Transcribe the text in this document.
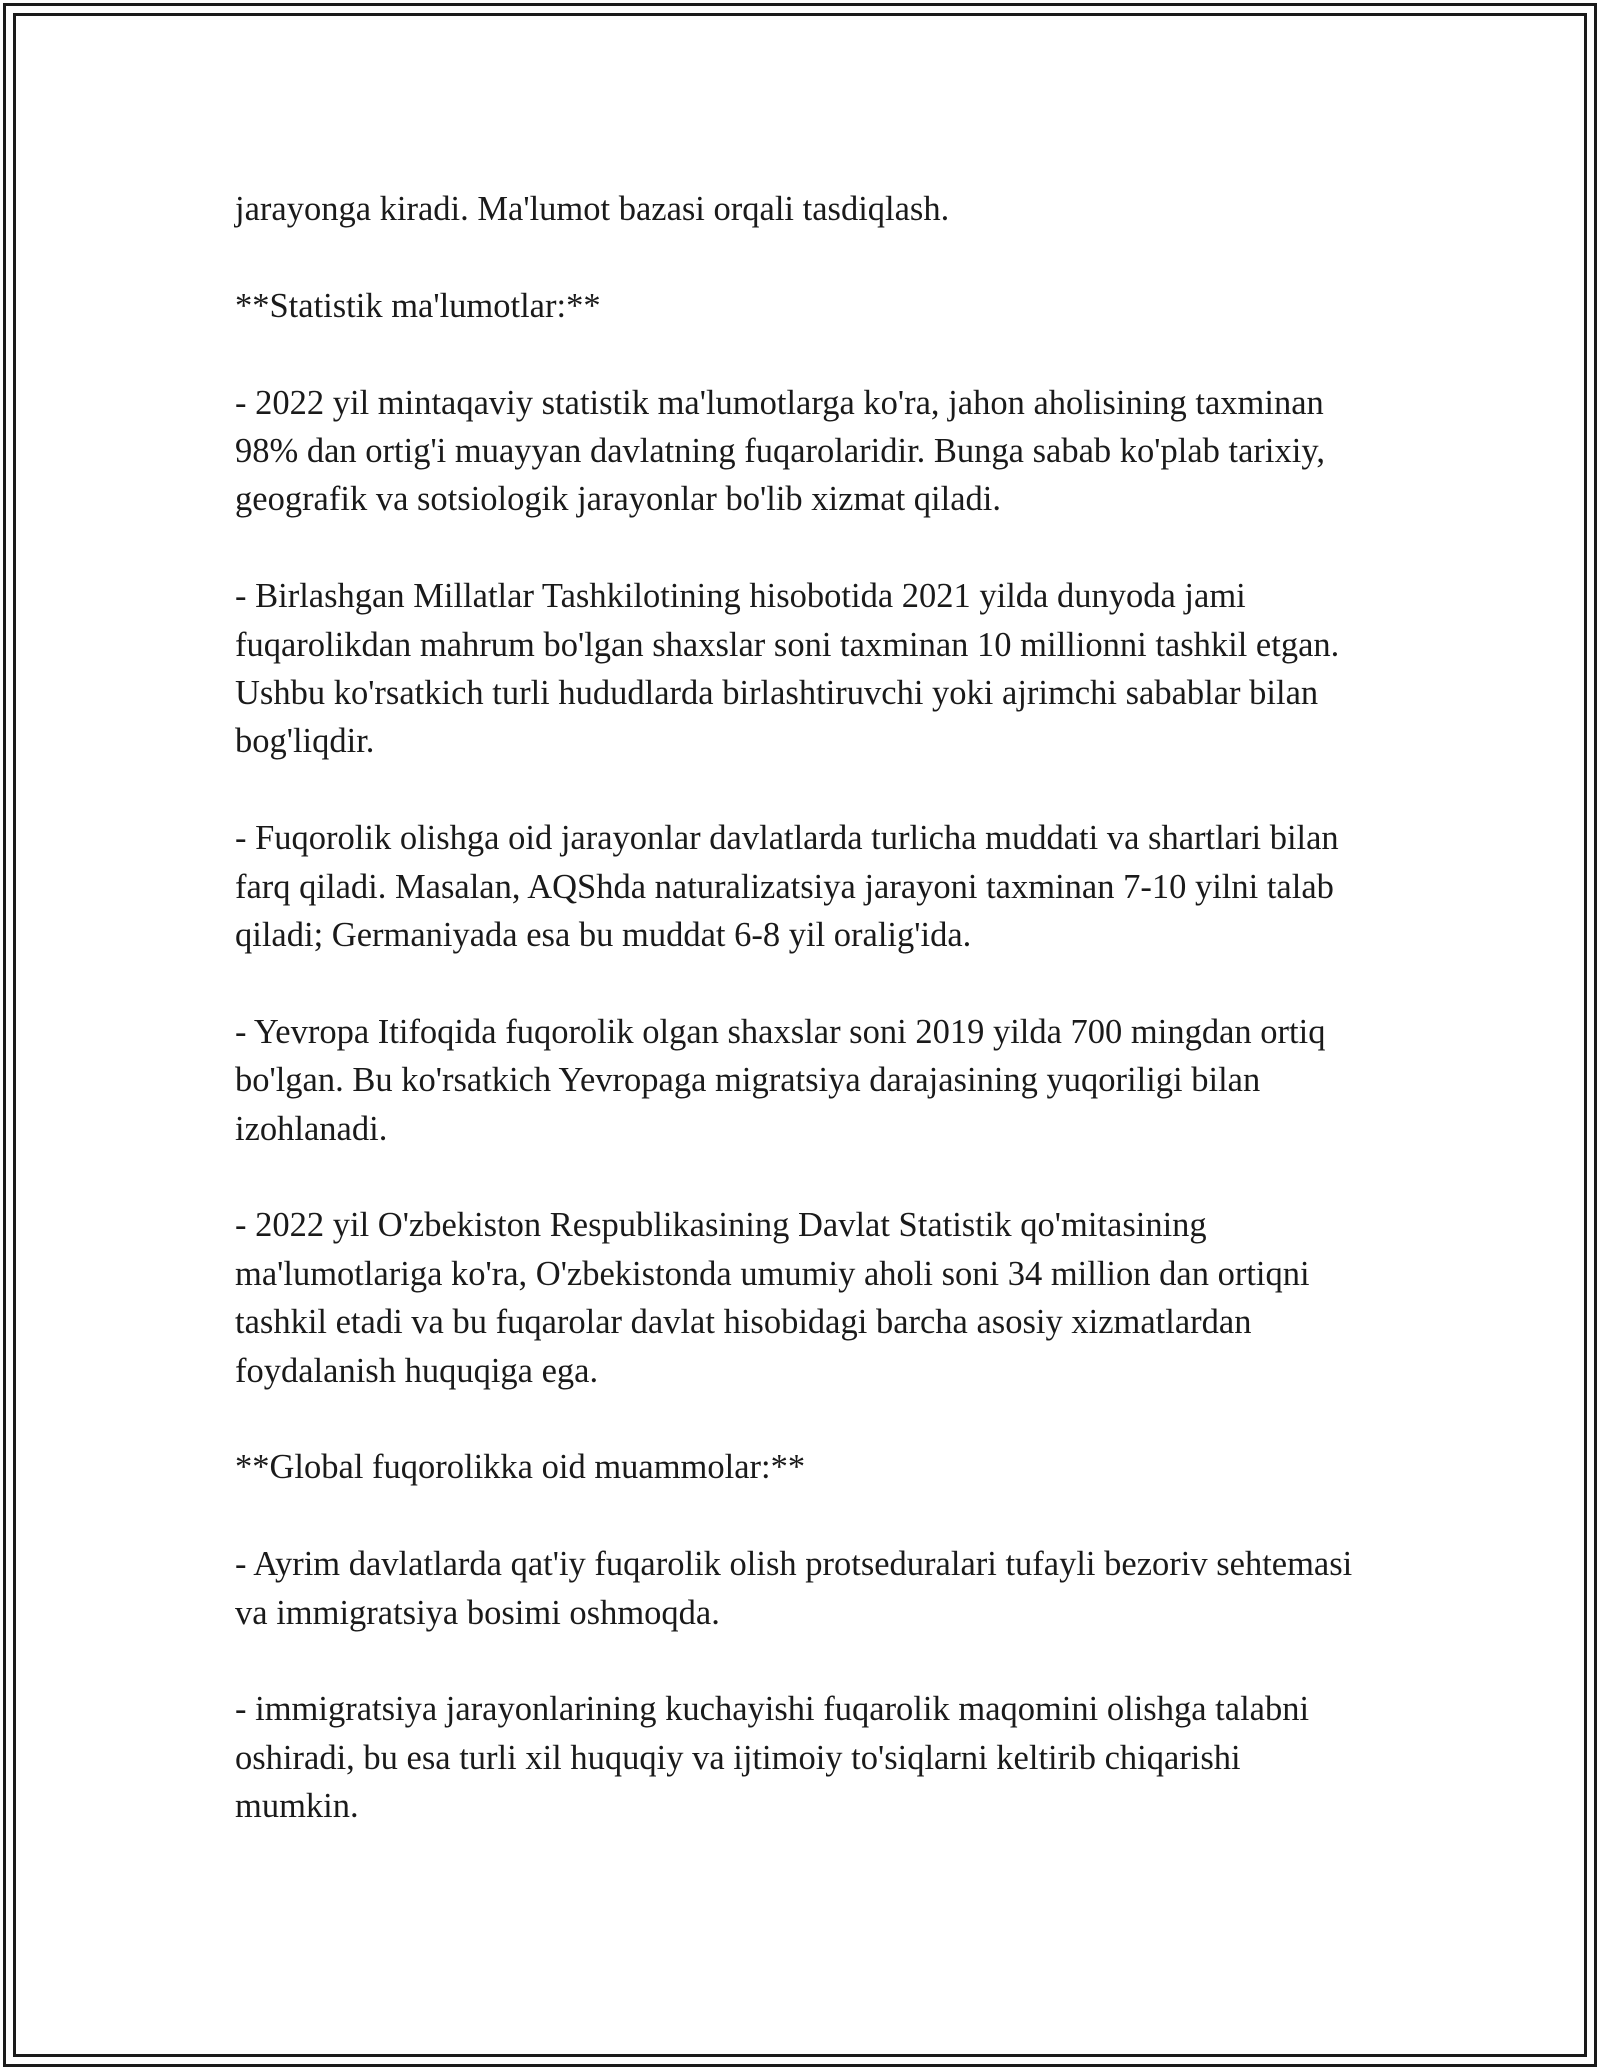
jarayonga kiradi. Ma'lumot bazasi orqali tasdiqlash.

**Statistik ma'lumotlar:**

- 2022 yil mintaqaviy statistik ma'lumotlarga ko'ra, jahon aholisining taxminan 98% dan ortig'i muayyan davlatning fuqarolaridir. Bunga sabab ko'plab tarixiy, geografik va sotsiologik jarayonlar bo'lib xizmat qiladi.

- Birlashgan Millatlar Tashkilotining hisobotida 2021 yilda dunyoda jami fuqarolikdan mahrum bo'lgan shaxslar soni taxminan 10 millionni tashkil etgan. Ushbu ko'rsatkich turli hududlarda birlashtiruvchi yoki ajrimchi sabablar bilan bog'liqdir.

- Fuqorolik olishga oid jarayonlar davlatlarda turlicha muddati va shartlari bilan farq qiladi. Masalan, AQShda naturalizatsiya jarayoni taxminan 7-10 yilni talab qiladi; Germaniyada esa bu muddat 6-8 yil oralig'ida.

- Yevropa Itifoqida fuqorolik olgan shaxslar soni 2019 yilda 700 mingdan ortiq bo'lgan. Bu ko'rsatkich Yevropaga migratsiya darajasining yuqoriligi bilan izohlanadi.

- 2022 yil O'zbekiston Respublikasining Davlat Statistik qo'mitasining ma'lumotlariga ko'ra, O'zbekistonda umumiy aholi soni 34 million dan ortiqni tashkil etadi va bu fuqarolar davlat hisobidagi barcha asosiy xizmatlardan foydalanish huquqiga ega.

**Global fuqorolikka oid muammolar:**

- Ayrim davlatlarda qat'iy fuqarolik olish protseduralari tufayli bezoriv sehtemasi va immigratsiya bosimi oshmoqda.

- immigratsiya jarayonlarining kuchayishi fuqarolik maqomini olishga talabni oshiradi, bu esa turli xil huquqiy va ijtimoiy to'siqlarni keltirib chiqarishi mumkin.
